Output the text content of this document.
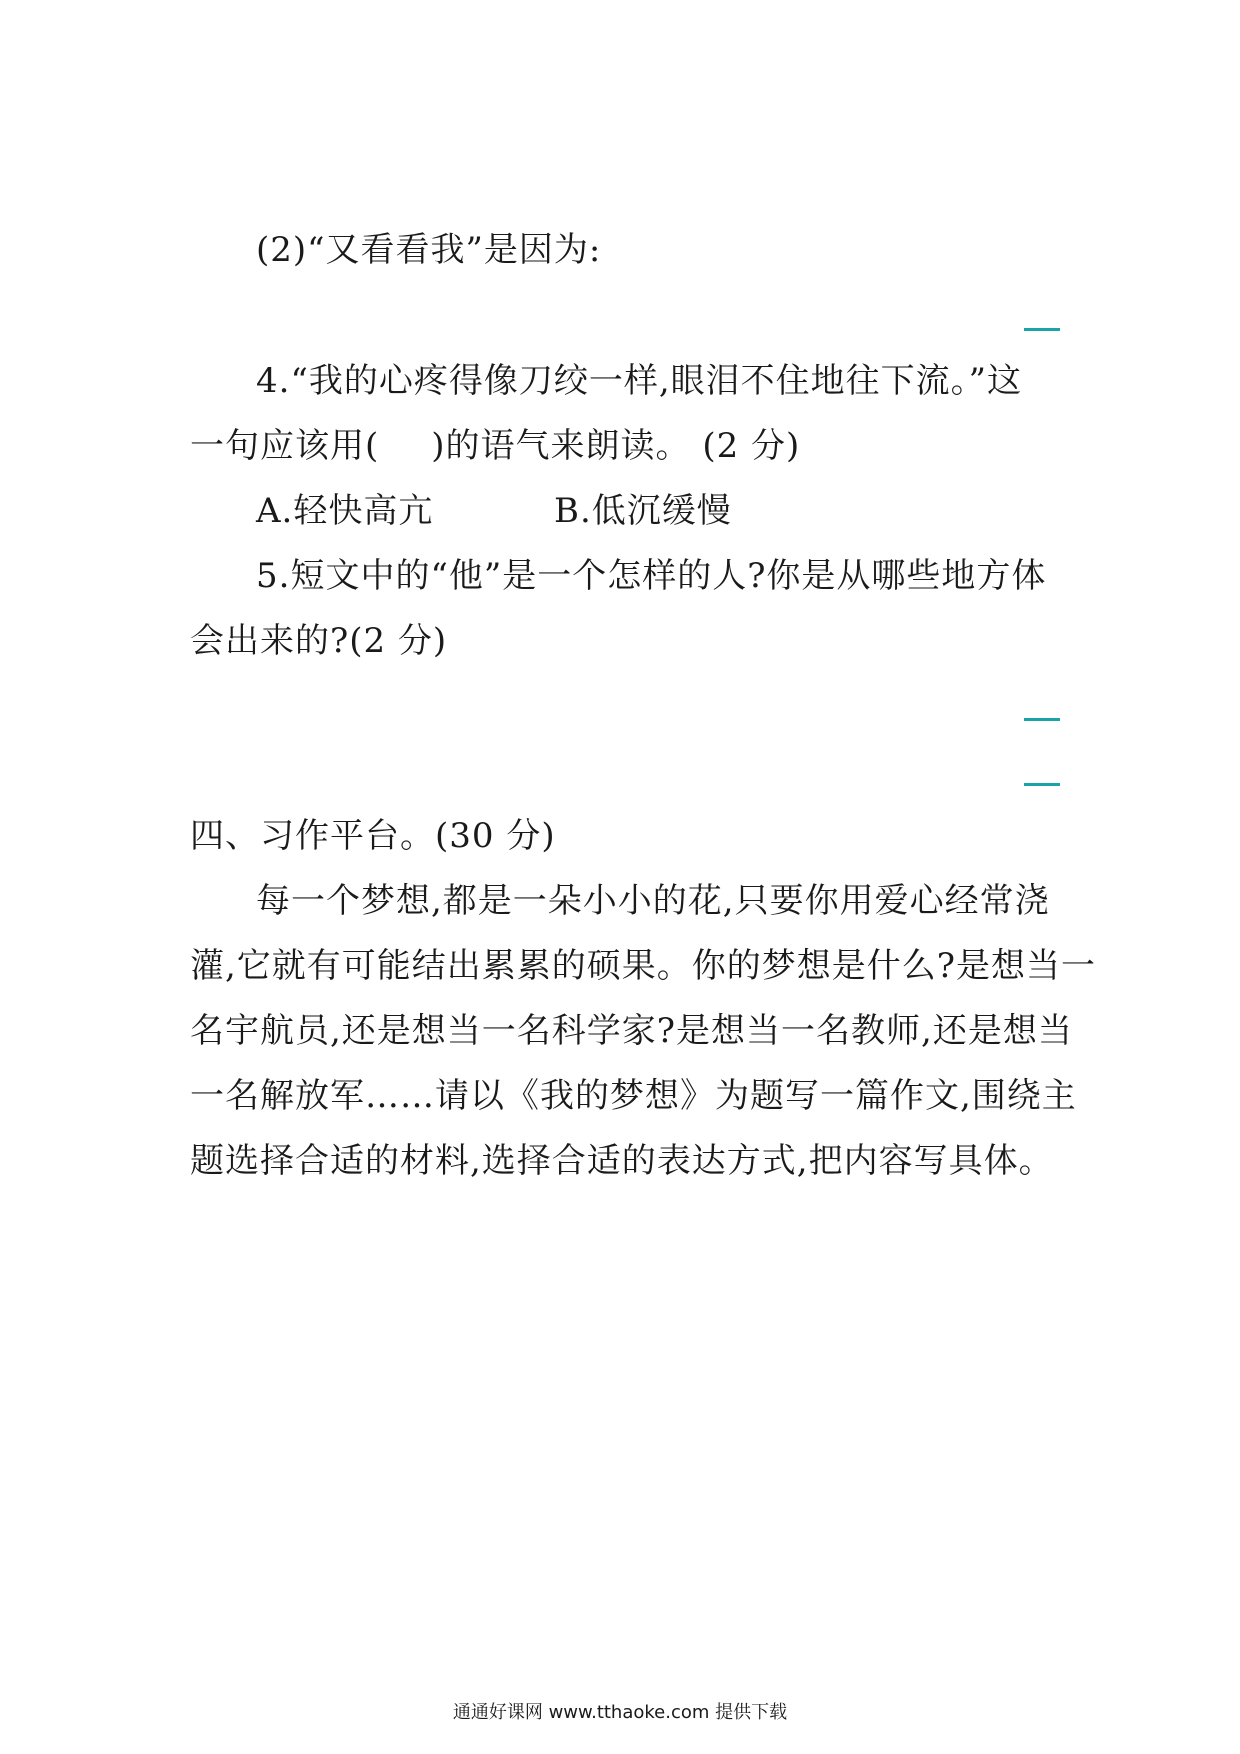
(2)“又看看我”是因为:
4.“我的心疼得像刀绞一样,眼泪不住地往下流。”这
一句应该用( )的语气来朗读。 (2 分)
A.轻快高亢	B.低沉缓慢
5.短文中的“他”是一个怎样的人?你是从哪些地方体
会出来的?(2 分)
四、习作平台。(30 分)
每一个梦想,都是一朵小小的花,只要你用爱心经常浇
灌,它就有可能结出累累的硕果。你的梦想是什么?是想当一
名宇航员,还是想当一名科学家?是想当一名教师,还是想当
一名解放军……请以《我的梦想》为题写一篇作文,围绕主
题选择合适的材料,选择合适的表达方式,把内容写具体。
通通好课网 www.tthaoke.com 提供下载
